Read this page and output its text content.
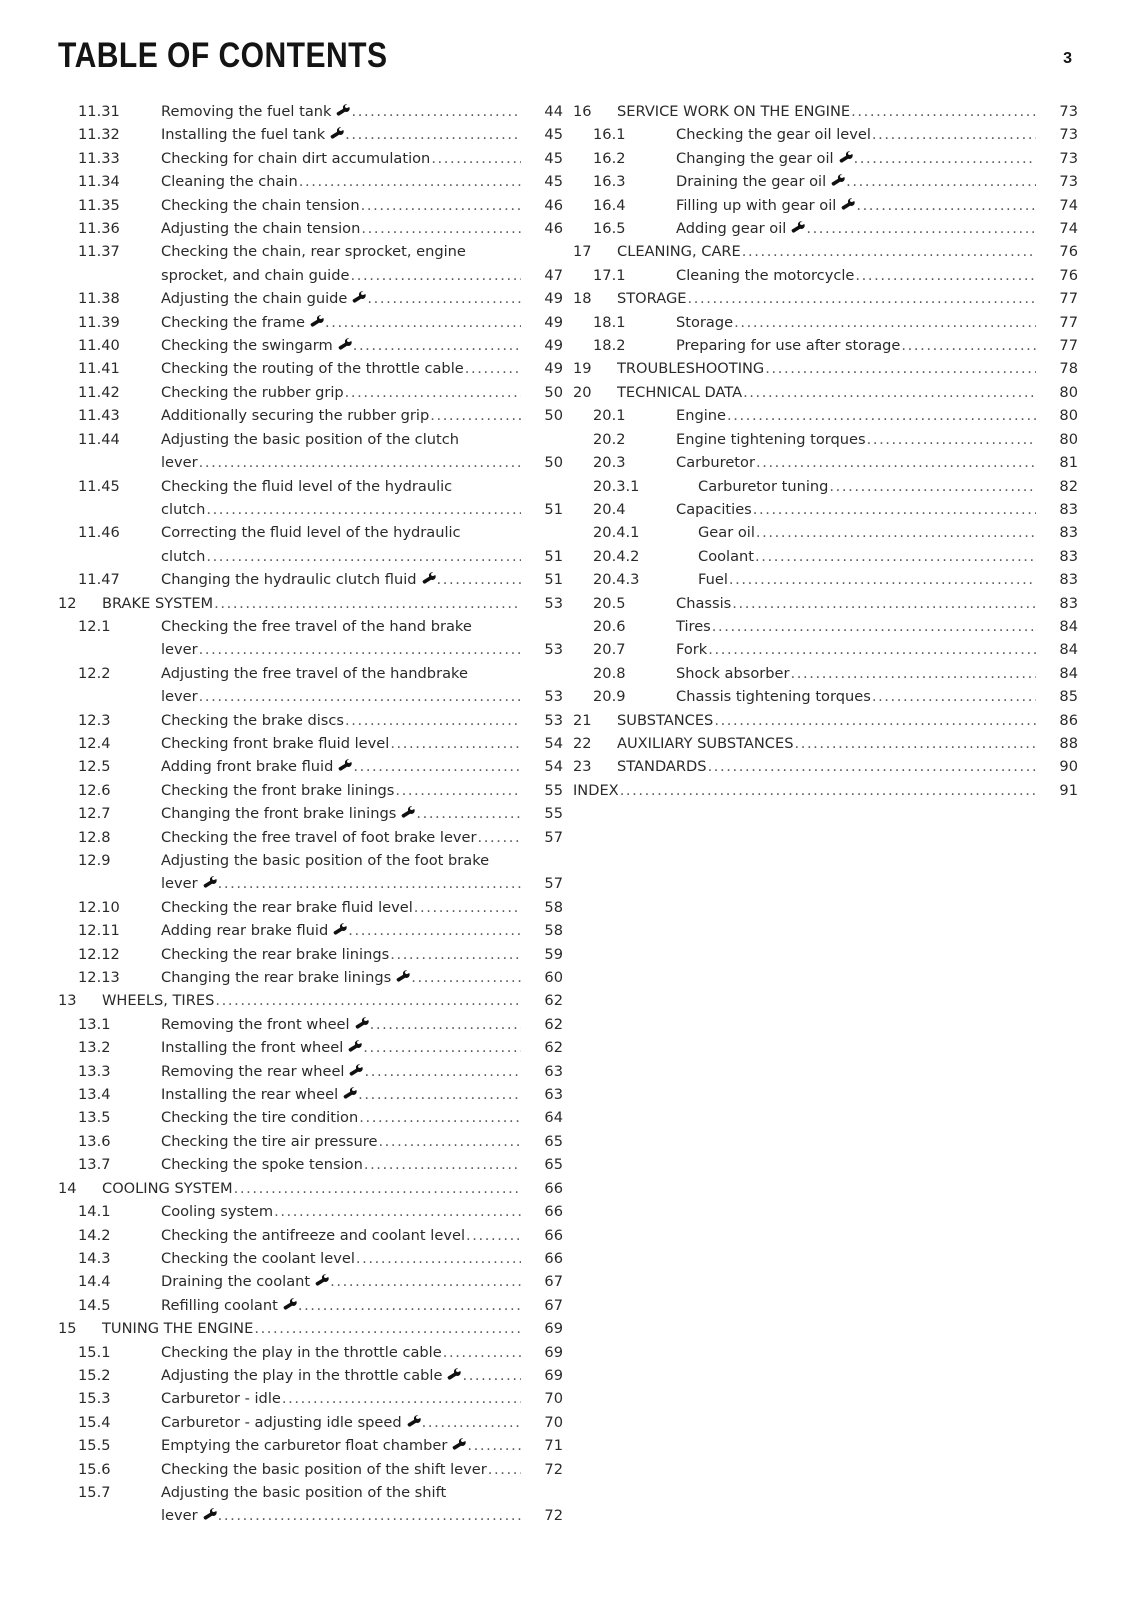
TABLE OF CONTENTS	3
11.31	Removing the fuel tank .....	44
11.32	Installing the fuel tank .....	45
11.33	Checking for chain dirt accumulation .....	45
11.34	Cleaning the chain .....	45
11.35	Checking the chain tension .....	46
11.36	Adjusting the chain tension .....	46
11.37	Checking the chain, rear sprocket, engine
sprocket, and chain guide .....	47
11.38	Adjusting the chain guide .....	49
11.39	Checking the frame .....	49
11.40	Checking the swingarm .....	49
11.41	Checking the routing of the throttle cable .....	49
11.42	Checking the rubber grip .....	50
11.43	Additionally securing the rubber grip .....	50
11.44	Adjusting the basic position of the clutch
lever .....	50
11.45	Checking the fluid level of the hydraulic
clutch .....	51
11.46	Correcting the fluid level of the hydraulic
clutch .....	51
11.47	Changing the hydraulic clutch fluid .....	51
12	BRAKE SYSTEM .....	53
12.1	Checking the free travel of the hand brake
lever .....	53
12.2	Adjusting the free travel of the handbrake
lever .....	53
12.3	Checking the brake discs .....	53
12.4	Checking front brake fluid level .....	54
12.5	Adding front brake fluid .....	54
12.6	Checking the front brake linings .....	55
12.7	Changing the front brake linings .....	55
12.8	Checking the free travel of foot brake lever .....	57
12.9	Adjusting the basic position of the foot brake
lever .....	57
12.10	Checking the rear brake fluid level .....	58
12.11	Adding rear brake fluid .....	58
12.12	Checking the rear brake linings .....	59
12.13	Changing the rear brake linings .....	60
13	WHEELS, TIRES .....	62
13.1	Removing the front wheel .....	62
13.2	Installing the front wheel .....	62
13.3	Removing the rear wheel .....	63
13.4	Installing the rear wheel .....	63
13.5	Checking the tire condition .....	64
13.6	Checking the tire air pressure .....	65
13.7	Checking the spoke tension .....	65
14	COOLING SYSTEM .....	66
14.1	Cooling system .....	66
14.2	Checking the antifreeze and coolant level .....	66
14.3	Checking the coolant level .....	66
14.4	Draining the coolant .....	67
14.5	Refilling coolant .....	67
15	TUNING THE ENGINE .....	69
15.1	Checking the play in the throttle cable .....	69
15.2	Adjusting the play in the throttle cable .....	69
15.3	Carburetor - idle .....	70
15.4	Carburetor - adjusting idle speed .....	70
15.5	Emptying the carburetor float chamber .....	71
15.6	Checking the basic position of the shift lever .....	72
15.7	Adjusting the basic position of the shift
lever .....	72
16	SERVICE WORK ON THE ENGINE .....	73
16.1	Checking the gear oil level .....	73
16.2	Changing the gear oil .....	73
16.3	Draining the gear oil .....	73
16.4	Filling up with gear oil .....	74
16.5	Adding gear oil .....	74
17	CLEANING, CARE .....	76
17.1	Cleaning the motorcycle .....	76
18	STORAGE .....	77
18.1	Storage .....	77
18.2	Preparing for use after storage .....	77
19	TROUBLESHOOTING .....	78
20	TECHNICAL DATA .....	80
20.1	Engine .....	80
20.2	Engine tightening torques .....	80
20.3	Carburetor .....	81
20.3.1	Carburetor tuning .....	82
20.4	Capacities .....	83
20.4.1	Gear oil .....	83
20.4.2	Coolant .....	83
20.4.3	Fuel .....	83
20.5	Chassis .....	83
20.6	Tires .....	84
20.7	Fork .....	84
20.8	Shock absorber .....	84
20.9	Chassis tightening torques .....	85
21	SUBSTANCES .....	86
22	AUXILIARY SUBSTANCES .....	88
23	STANDARDS .....	90
INDEX .....	91
